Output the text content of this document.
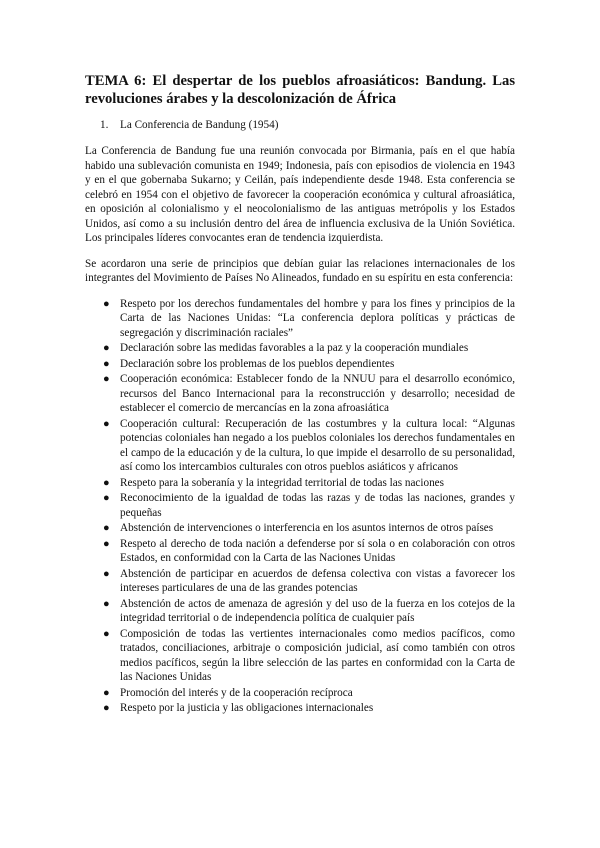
TEMA 6: El despertar de los pueblos afroasiáticos: Bandung. Las revoluciones árabes y la descolonización de África
1.	La Conferencia de Bandung (1954)

La Conferencia de Bandung fue una reunión convocada por Birmania, país en el que había habido una sublevación comunista en 1949; Indonesia, país con episodios de violencia en 1943 y en el que gobernaba Sukarno; y Ceilán, país independiente desde 1948. Esta conferencia se celebró en 1954 con el objetivo de favorecer la cooperación económica y cultural afroasiática, en oposición al colonialismo y el neocolonialismo de las antiguas metrópolis y los Estados Unidos, así como a su inclusión dentro del área de influencia exclusiva de la Unión Soviética. Los principales líderes convocantes eran de tendencia izquierdista.

Se acordaron una serie de principios que debían guiar las relaciones internacionales de los integrantes del Movimiento de Países No Alineados, fundado en su espíritu en esta conferencia:

● Respeto por los derechos fundamentales del hombre y para los fines y principios de la Carta de las Naciones Unidas: “La conferencia deplora políticas y prácticas de segregación y discriminación raciales”
● Declaración sobre las medidas favorables a la paz y la cooperación mundiales
● Declaración sobre los problemas de los pueblos dependientes
● Cooperación económica: Establecer fondo de la NNUU para el desarrollo económico, recursos del Banco Internacional para la reconstrucción y desarrollo; necesidad de establecer el comercio de mercancías en la zona afroasiática
● Cooperación cultural: Recuperación de las costumbres y la cultura local: “Algunas potencias coloniales han negado a los pueblos coloniales los derechos fundamentales en el campo de la educación y de la cultura, lo que impide el desarrollo de su personalidad, así como los intercambios culturales con otros pueblos asiáticos y africanos
● Respeto para la soberanía y la integridad territorial de todas las naciones
● Reconocimiento de la igualdad de todas las razas y de todas las naciones, grandes y pequeñas
● Abstención de intervenciones o interferencia en los asuntos internos de otros países
● Respeto al derecho de toda nación a defenderse por sí sola o en colaboración con otros Estados, en conformidad con la Carta de las Naciones Unidas
● Abstención de participar en acuerdos de defensa colectiva con vistas a favorecer los intereses particulares de una de las grandes potencias
● Abstención de actos de amenaza de agresión y del uso de la fuerza en los cotejos de la integridad territorial o de independencia política de cualquier país
● Composición de todas las vertientes internacionales como medios pacíficos, como tratados, conciliaciones, arbitraje o composición judicial, así como también con otros medios pacíficos, según la libre selección de las partes en conformidad con la Carta de las Naciones Unidas
● Promoción del interés y de la cooperación recíproca
● Respeto por la justicia y las obligaciones internacionales
